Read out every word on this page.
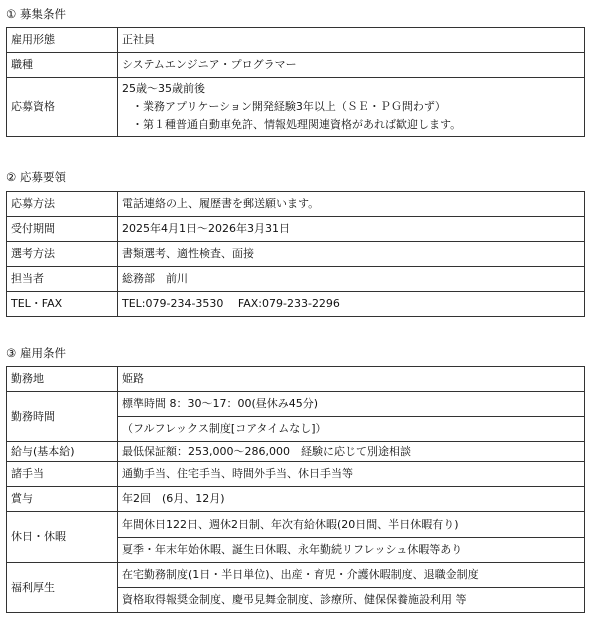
① 募集条件
雇用形態	正社員
職種	システムエンジニア・プログラマー
応募資格	25歳～35歳前後
・業務アプリケーション開発経験3年以上（ＳＥ・ＰＧ問わず）
・第１種普通自動車免許、情報処理関連資格があれば歓迎します。
② 応募要領
応募方法	電話連絡の上、履歴書を郵送願います。
受付期間	2025年4月1日～2026年3月31日
選考方法	書類選考、適性検査、面接
担当者	総務部　前川
TEL・FAX	TEL:079-234-3530　 FAX:079-233-2296
③ 雇用条件
勤務地	姫路
勤務時間	標準時間 8：30～17：00(昼休み45分)
	（フルフレックス制度[コアタイムなし]）
給与(基本給)	最低保証額：253,000～286,000　経験に応じて別途相談
諸手当	通勤手当、住宅手当、時間外手当、休日手当等
賞与	年2回　(6月、12月)
休日・休暇	年間休日122日、週休2日制、年次有給休暇(20日間、半日休暇有り)
	夏季・年末年始休暇、誕生日休暇、永年勤続リフレッシュ休暇等あり
福利厚生	在宅勤務制度(1日・半日単位)、出産・育児・介護休暇制度、退職金制度
	資格取得報奨金制度、慶弔見舞金制度、診療所、健保保養施設利用 等
